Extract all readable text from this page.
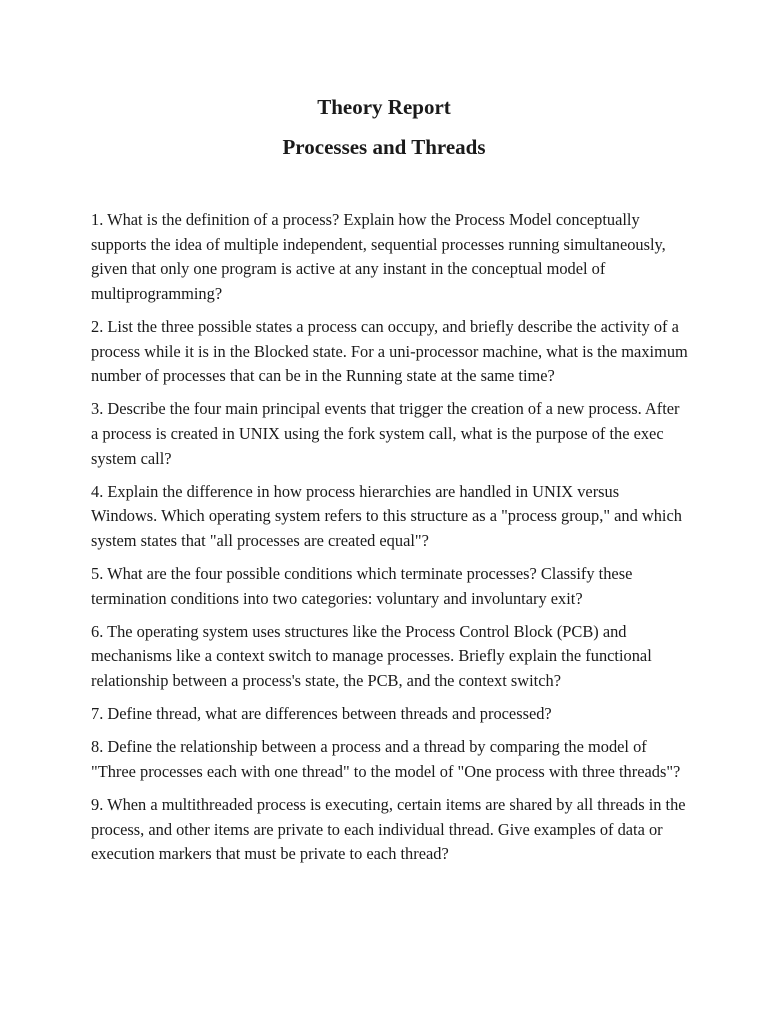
Theory Report
Processes and Threads
1. What is the definition of a process? Explain how the Process Model conceptually supports the idea of multiple independent, sequential processes running simultaneously, given that only one program is active at any instant in the conceptual model of multiprogramming?
2. List the three possible states a process can occupy, and briefly describe the activity of a process while it is in the Blocked state. For a uni-processor machine, what is the maximum number of processes that can be in the Running state at the same time?
3. Describe the four main principal events that trigger the creation of a new process. After a process is created in UNIX using the fork system call, what is the purpose of the exec system call?
4. Explain the difference in how process hierarchies are handled in UNIX versus Windows. Which operating system refers to this structure as a "process group," and which system states that "all processes are created equal"?
5. What are the four possible conditions which terminate processes? Classify these termination conditions into two categories: voluntary and involuntary exit?
6. The operating system uses structures like the Process Control Block (PCB) and mechanisms like a context switch to manage processes. Briefly explain the functional relationship between a process's state, the PCB, and the context switch?
7. Define thread, what are differences between threads and processed?
8. Define the relationship between a process and a thread by comparing the model of "Three processes each with one thread" to the model of "One process with three threads"?
9. When a multithreaded process is executing, certain items are shared by all threads in the process, and other items are private to each individual thread. Give examples of data or execution markers that must be private to each thread?
